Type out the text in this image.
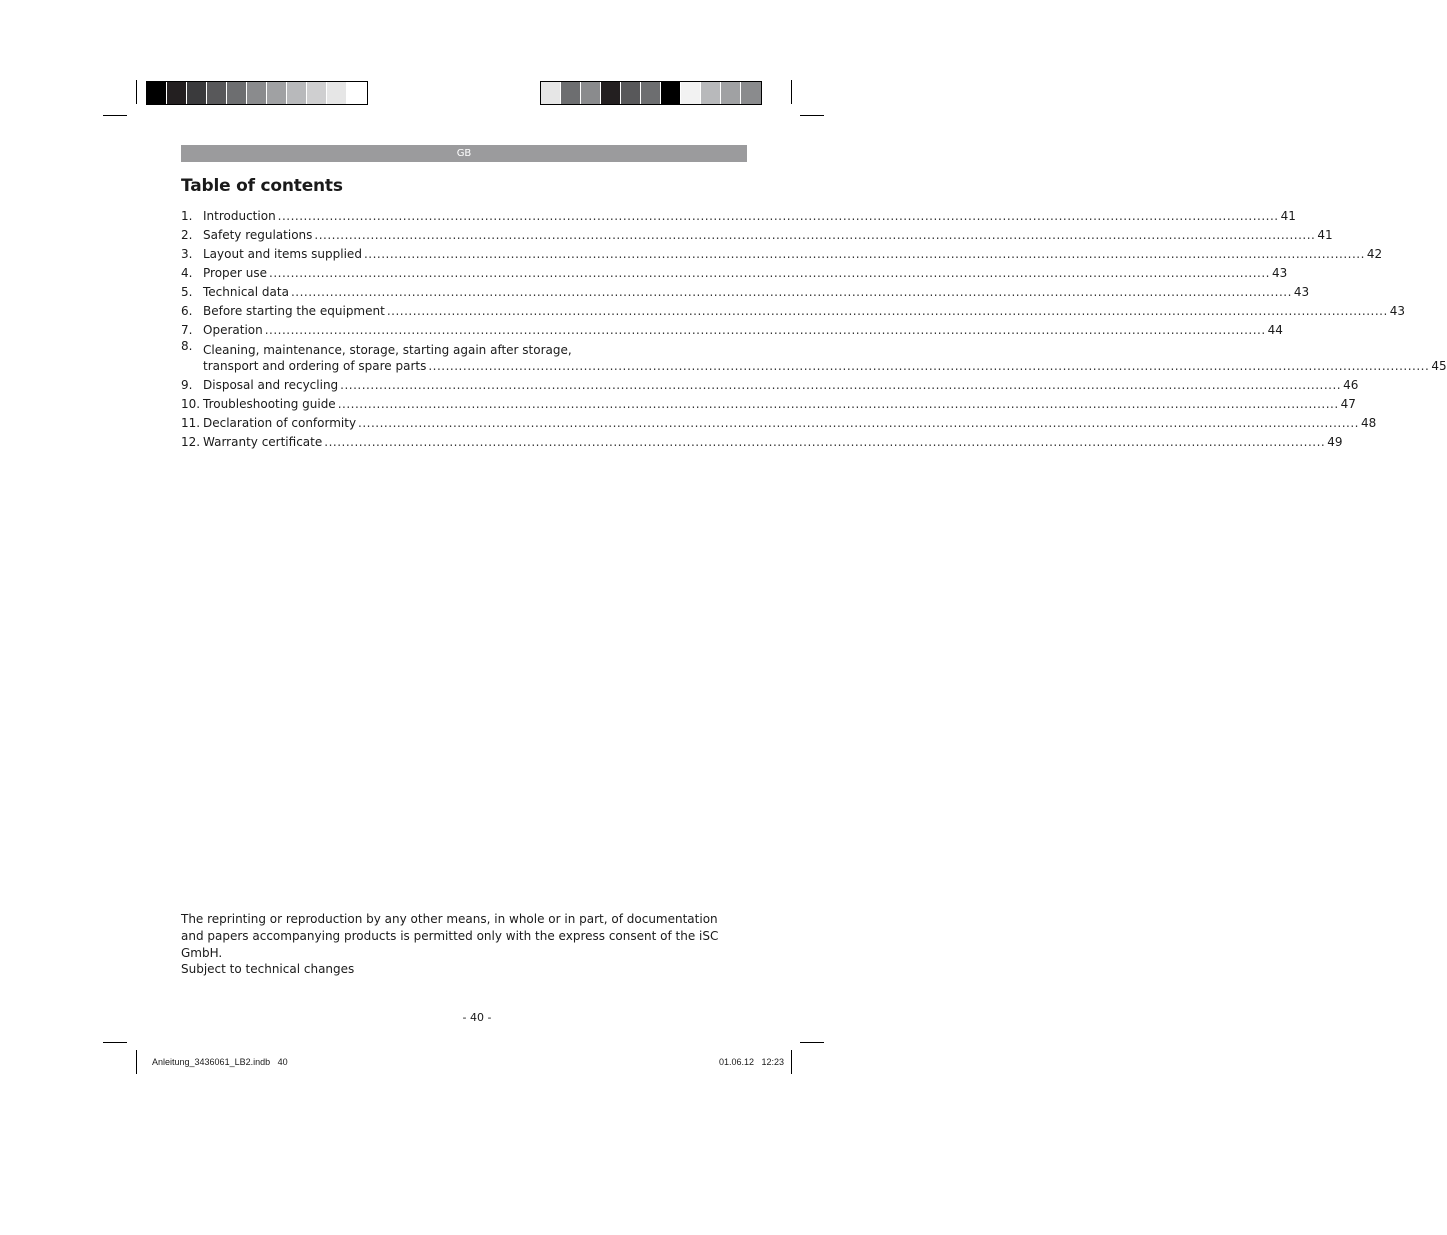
GB
Table of contents
1. Introduction .....	41
2. Safety regulations .....	41
3. Layout and items supplied .....	42
4. Proper use .....	43
5. Technical data .....	43
6. Before starting the equipment .....	43
7. Operation .....	44
8. Cleaning, maintenance, storage, starting again after storage,
transport and ordering of spare parts .....	45
9. Disposal and recycling .....	46
10. Troubleshooting guide .....	47
11. Declaration of conformity .....	48
12. Warranty certificate .....	49
The reprinting or reproduction by any other means, in whole or in part, of documentation and papers accompanying products is permitted only with the express consent of the iSC GmbH.
Subject to technical changes
- 40 -
Anleitung_3436061_LB2.indb   40	01.06.12   12:23
